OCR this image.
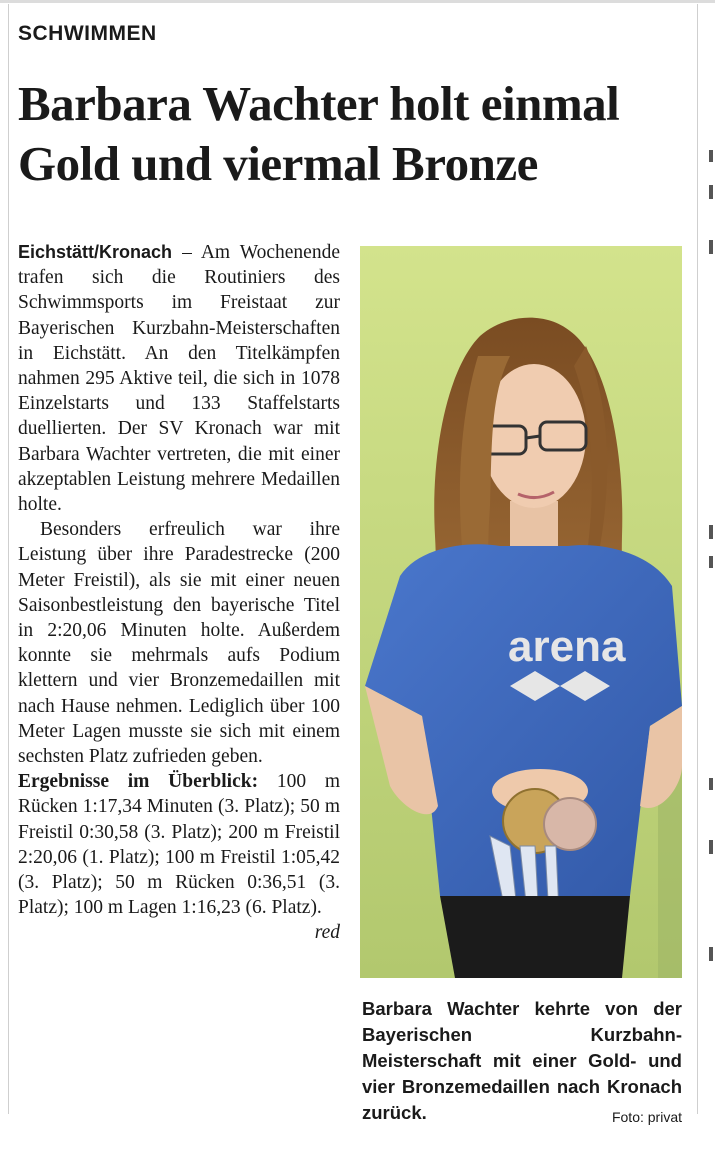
SCHWIMMEN
Barbara Wachter holt einmal Gold und viermal Bronze

Eichstätt/Kronach – Am Wochenende trafen sich die Routiniers des Schwimmsports im Freistaat zur Bayerischen Kurzbahn-Meisterschaften in Eichstätt. An den Titelkämpfen nahmen 295 Aktive teil, die sich in 1078 Einzelstarts und 133 Staffelstarts duellierten. Der SV Kronach war mit Barbara Wachter vertreten, die mit einer akzeptablen Leistung mehrere Medaillen holte.

Besonders erfreulich war ihre Leistung über ihre Paradestrecke (200 Meter Freistil), als sie mit einer neuen Saisonbestleistung den bayerische Titel in 2:20,06 Minuten holte. Außerdem konnte sie mehrmals aufs Podium klettern und vier Bronzemedaillen mit nach Hause nehmen. Lediglich über 100 Meter Lagen musste sie sich mit einem sechsten Platz zufrieden geben.

Ergebnisse im Überblick: 100 m Rücken 1:17,34 Minuten (3. Platz); 50 m Freistil 0:30,58 (3. Platz); 200 m Freistil 2:20,06 (1. Platz); 100 m Freistil 1:05,42 (3. Platz); 50 m Rücken 0:36,51 (3. Platz); 100 m Lagen 1:16,23 (6. Platz).
red

arena
Barbara Wachter kehrte von der Bayerischen Kurzbahn-Meisterschaft mit einer Gold- und vier Bronzemedaillen nach Kronach zurück.	Foto: privat
